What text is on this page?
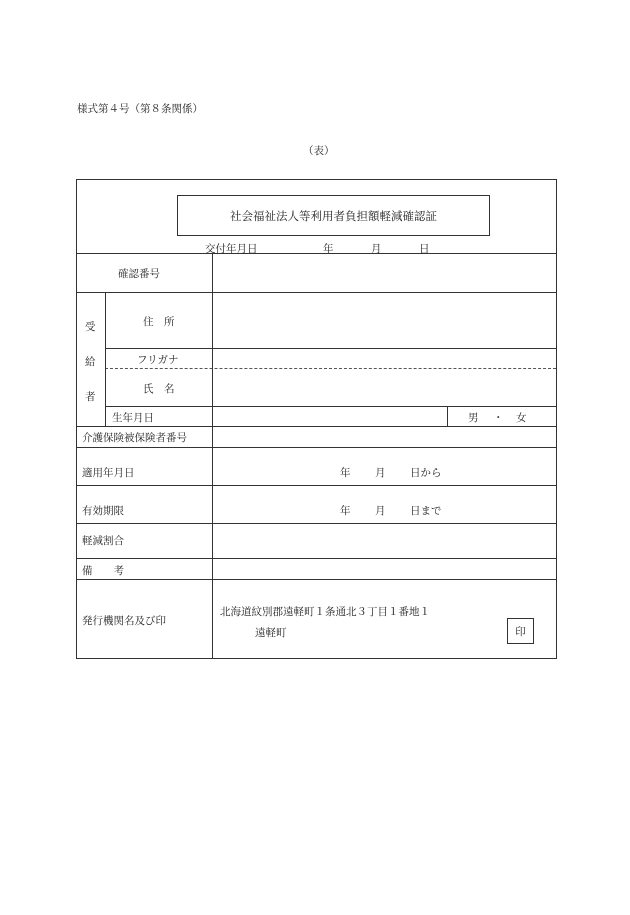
様式第４号（第８条関係）
（表）
社会福祉法人等利用者負担額軽減確認証
交付年月日	年	月	日
確認番号
受
給
者
住　所
フリガナ
氏　名
生年月日	男 ・ 女
介護保険被保険者番号
適用年月日	年 月 日から
有効期限	年 月 日まで
軽減割合
備　　考
発行機関名及び印
北海道紋別郡遠軽町１条通北３丁目１番地１
遠軽町	印
